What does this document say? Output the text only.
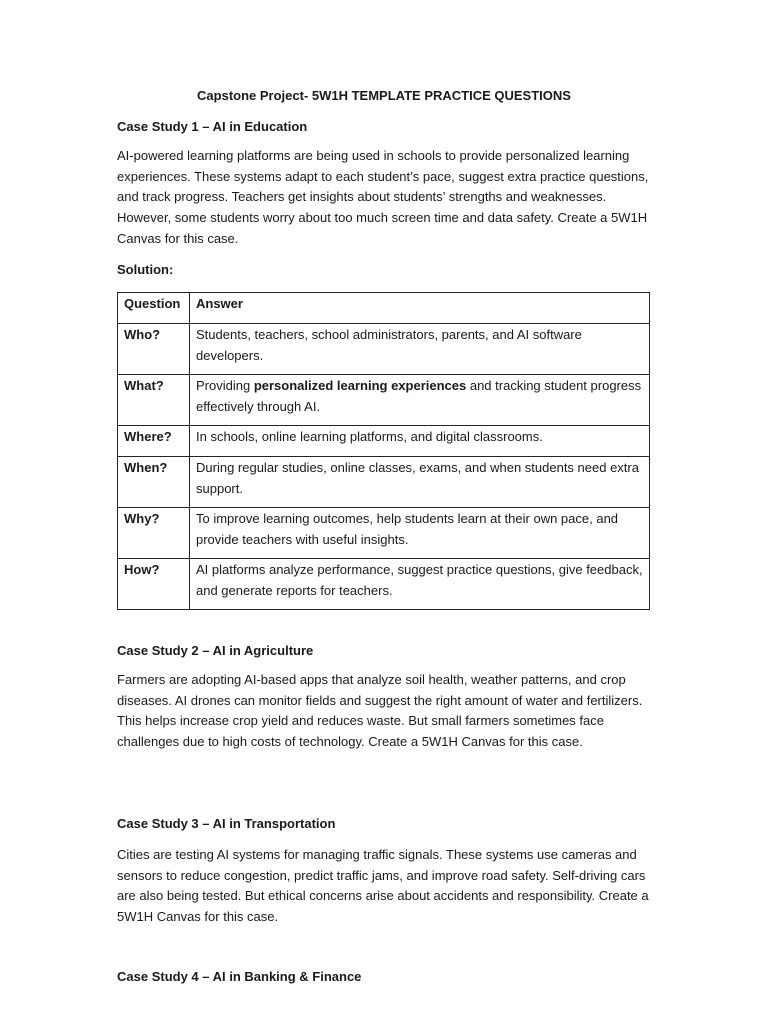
Capstone Project- 5W1H TEMPLATE PRACTICE QUESTIONS
Case Study 1 – AI in Education
AI-powered learning platforms are being used in schools to provide personalized learning experiences. These systems adapt to each student’s pace, suggest extra practice questions, and track progress. Teachers get insights about students’ strengths and weaknesses. However, some students worry about too much screen time and data safety. Create a 5W1H Canvas for this case.
Solution:
Question	Answer

Who?	Students, teachers, school administrators, parents, and AI software developers.

What?	Providing personalized learning experiences and tracking student progress effectively through AI.

Where?	In schools, online learning platforms, and digital classrooms.

When?	During regular studies, online classes, exams, and when students need extra support.

Why?	To improve learning outcomes, help students learn at their own pace, and provide teachers with useful insights.

How?	AI platforms analyze performance, suggest practice questions, give feedback, and generate reports for teachers.
Case Study 2 – AI in Agriculture
Farmers are adopting AI-based apps that analyze soil health, weather patterns, and crop diseases. AI drones can monitor fields and suggest the right amount of water and fertilizers. This helps increase crop yield and reduces waste. But small farmers sometimes face challenges due to high costs of technology. Create a 5W1H Canvas for this case.
Case Study 3 – AI in Transportation
Cities are testing AI systems for managing traffic signals. These systems use cameras and sensors to reduce congestion, predict traffic jams, and improve road safety. Self-driving cars are also being tested. But ethical concerns arise about accidents and responsibility. Create a 5W1H Canvas for this case.
Case Study 4 – AI in Banking & Finance
